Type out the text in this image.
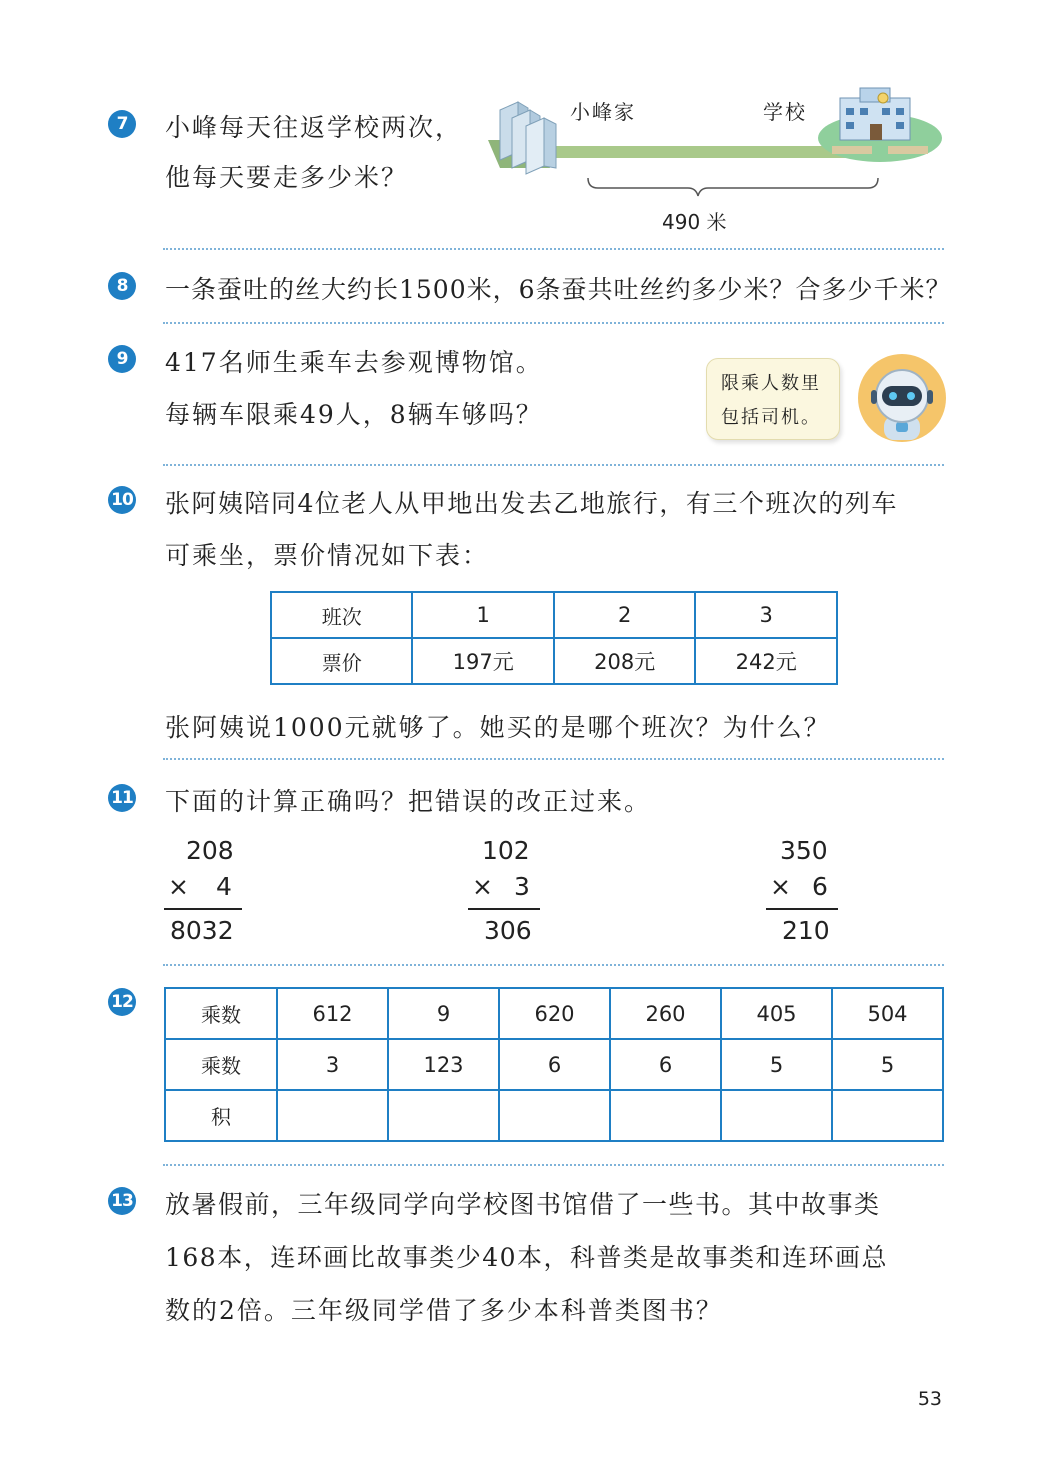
7	小峰每天往返学校两次，
他每天要走多少米？
小峰家	学校
490 米
8	一条蚕吐的丝大约长1500米，6条蚕共吐丝约多少米？合多少千米？
9	417名师生乘车去参观博物馆。
每辆车限乘49人，8辆车够吗？
限乘人数里
包括司机。
10 张阿姨陪同4位老人从甲地出发去乙地旅行，有三个班次的列车
可乘坐，票价情况如下表：
班次	1	2	3
票价	197元	208元	242元
张阿姨说1000元就够了。她买的是哪个班次？为什么？
11 下面的计算正确吗？把错误的改正过来。
208
× 4
8032
102
× 3
306
350
× 6
210
12
乘数	612	9	620	260	405	504
乘数	3	123	6	6	5	5
积						
13 放暑假前，三年级同学向学校图书馆借了一些书。其中故事类
168本，连环画比故事类少40本，科普类是故事类和连环画总
数的2倍。三年级同学借了多少本科普类图书？
53
